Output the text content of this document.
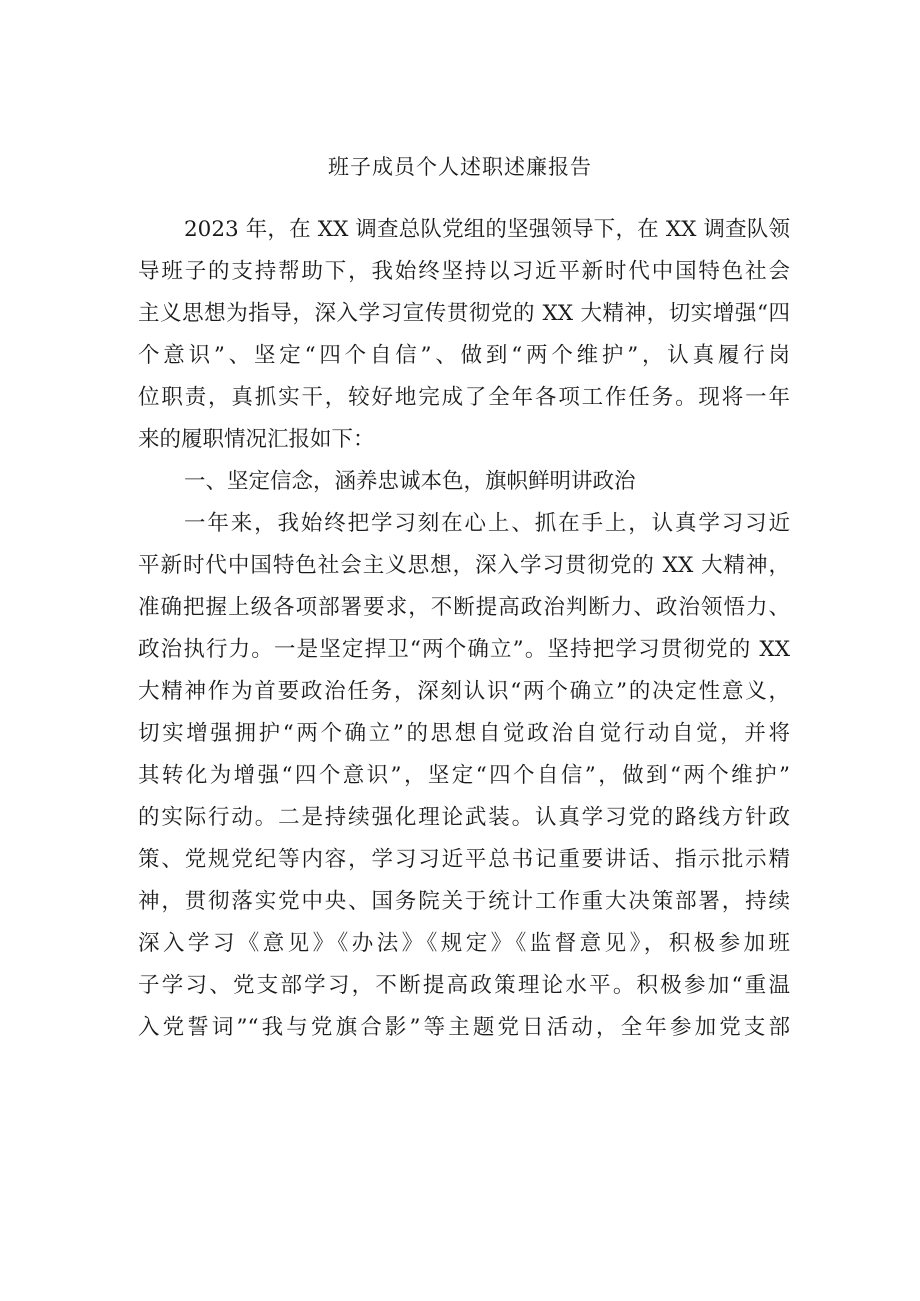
班子成员个人述职述廉报告
2023 年，在 XX 调查总队党组的坚强领导下，在 XX 调查队领
导班子的支持帮助下，我始终坚持以习近平新时代中国特色社会
主义思想为指导，深入学习宣传贯彻党的 XX 大精神，切实增强“四
个意识”、坚定“四个自信”、做到“两个维护”，认真履行岗
位职责，真抓实干，较好地完成了全年各项工作任务。现将一年
来的履职情况汇报如下：
一、坚定信念，涵养忠诚本色，旗帜鲜明讲政治
一年来，我始终把学习刻在心上、抓在手上，认真学习习近
平新时代中国特色社会主义思想，深入学习贯彻党的 XX 大精神，
准确把握上级各项部署要求，不断提高政治判断力、政治领悟力、
政治执行力。一是坚定捍卫“两个确立”。坚持把学习贯彻党的 XX
大精神作为首要政治任务，深刻认识“两个确立”的决定性意义，
切实增强拥护“两个确立”的思想自觉政治自觉行动自觉，并将
其转化为增强“四个意识”，坚定“四个自信”，做到“两个维护”
的实际行动。二是持续强化理论武装。认真学习党的路线方针政
策、党规党纪等内容，学习习近平总书记重要讲话、指示批示精
神，贯彻落实党中央、国务院关于统计工作重大决策部署，持续
深入学习《意见》《办法》《规定》《监督意见》，积极参加班
子学习、党支部学习，不断提高政策理论水平。积极参加“重温
入党誓词”“我与党旗合影”等主题党日活动，全年参加党支部
